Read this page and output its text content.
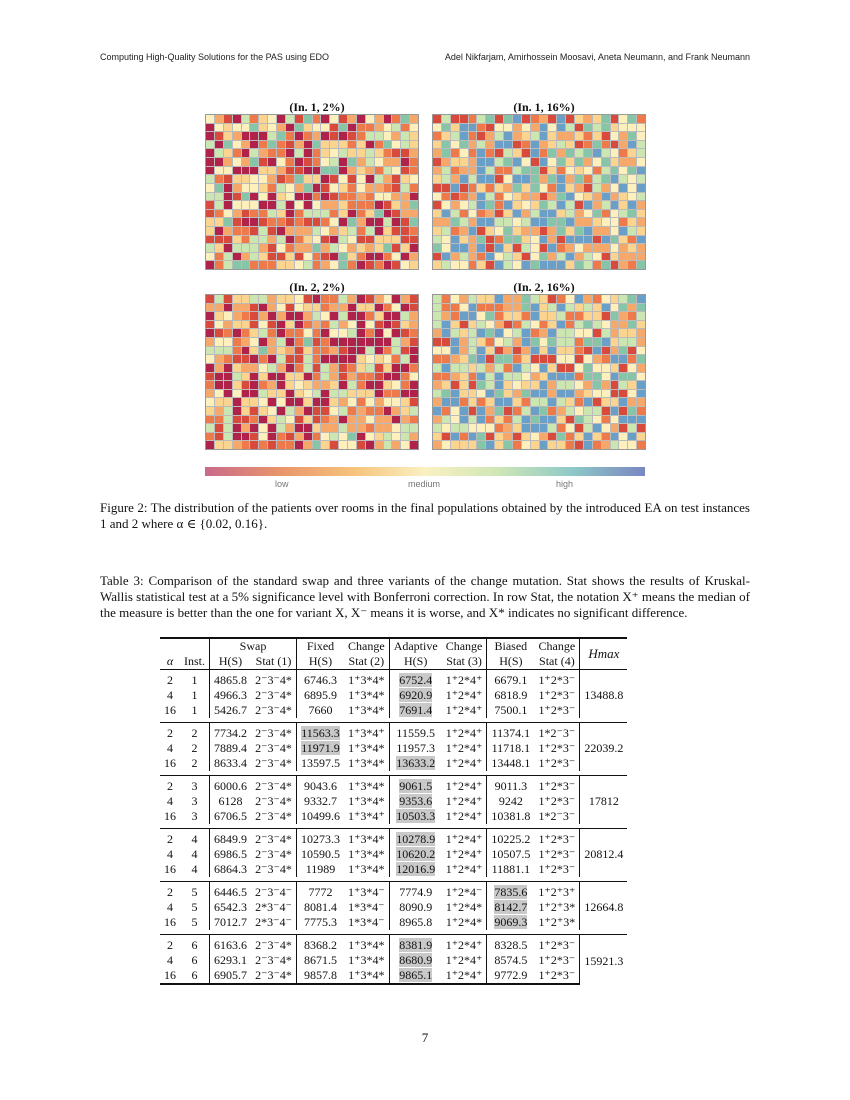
Computing High-Quality Solutions for the PAS using EDO	Adel Nikfarjam, Amirhossein Moosavi, Aneta Neumann, and Frank Neumann
(In. 1, 2%)	(In. 1, 16%)
(In. 2, 2%)	(In. 2, 16%)
low	medium	high
Figure 2: The distribution of the patients over rooms in the final populations obtained by the introduced EA on test instances 1 and 2 where α ∈ {0.02, 0.16}.
Table 3: Comparison of the standard swap and three variants of the change mutation. Stat shows the results of Kruskal-Wallis statistical test at a 5% significance level with Bonferroni correction. In row Stat, the notation X⁺ means the median of the measure is better than the one for variant X, X⁻ means it is worse, and X* indicates no significant difference.
		Swap		Fixed	Change	Adaptive	Change	Biased	Change	Hmax
α	Inst.	H(S)	Stat (1)	H(S)	Stat (2)	H(S)	Stat (3)	H(S)	Stat (4)	
2	1	4865.8	2⁻3⁻4*	6746.3	1⁺3*4*	6752.4	1⁺2*4⁺	6679.1	1⁺2*3⁻	13488.8
4	1	4966.3	2⁻3⁻4*	6895.9	1⁺3*4*	6920.9	1⁺2*4⁺	6818.9	1⁺2*3⁻	
16	1	5426.7	2⁻3⁻4*	7660	1⁺3*4*	7691.4	1⁺2*4⁺	7500.1	1⁺2*3⁻	

2	2	7734.2	2⁻3⁻4*	11563.3	1⁺3*4⁺	11559.5	1⁺2*4⁺	11374.1	1*2⁻3⁻	22039.2
4	2	7889.4	2⁻3⁻4*	11971.9	1⁺3*4*	11957.3	1⁺2*4⁺	11718.1	1⁺2*3⁻	
16	2	8633.4	2⁻3⁻4*	13597.5	1⁺3*4*	13633.2	1⁺2*4⁺	13448.1	1⁺2*3⁻	

2	3	6000.6	2⁻3⁻4*	9043.6	1⁺3*4*	9061.5	1⁺2*4⁺	9011.3	1⁺2*3⁻	17812
4	3	6128	2⁻3⁻4*	9332.7	1⁺3*4*	9353.6	1⁺2*4⁺	9242	1⁺2*3⁻	
16	3	6706.5	2⁻3⁻4*	10499.6	1⁺3*4⁺	10503.3	1⁺2*4⁺	10381.8	1*2⁻3⁻	

2	4	6849.9	2⁻3⁻4*	10273.3	1⁺3*4*	10278.9	1⁺2*4⁺	10225.2	1⁺2*3⁻	20812.4
4	4	6986.5	2⁻3⁻4*	10590.5	1⁺3*4*	10620.2	1⁺2*4⁺	10507.5	1⁺2*3⁻	
16	4	6864.3	2⁻3⁻4*	11989	1⁺3*4*	12016.9	1⁺2*4⁺	11881.1	1⁺2*3⁻	

2	5	6446.5	2⁻3⁻4⁻	7772	1⁺3*4⁻	7774.9	1⁺2*4⁻	7835.6	1⁺2⁺3⁺	12664.8
4	5	6542.3	2*3⁻4⁻	8081.4	1*3*4⁻	8090.9	1⁺2*4*	8142.7	1⁺2⁺3*	
16	5	7012.7	2*3⁻4⁻	7775.3	1*3*4⁻	8965.8	1⁺2*4*	9069.3	1⁺2⁺3*	

2	6	6163.6	2⁻3⁻4*	8368.2	1⁺3*4*	8381.9	1⁺2*4⁺	8328.5	1⁺2*3⁻	15921.3
4	6	6293.1	2⁻3⁻4*	8671.5	1⁺3*4*	8680.9	1⁺2*4⁺	8574.5	1⁺2*3⁻	
16	6	6905.7	2⁻3⁻4*	9857.8	1⁺3*4*	9865.1	1⁺2*4⁺	9772.9	1⁺2*3⁻	
7
